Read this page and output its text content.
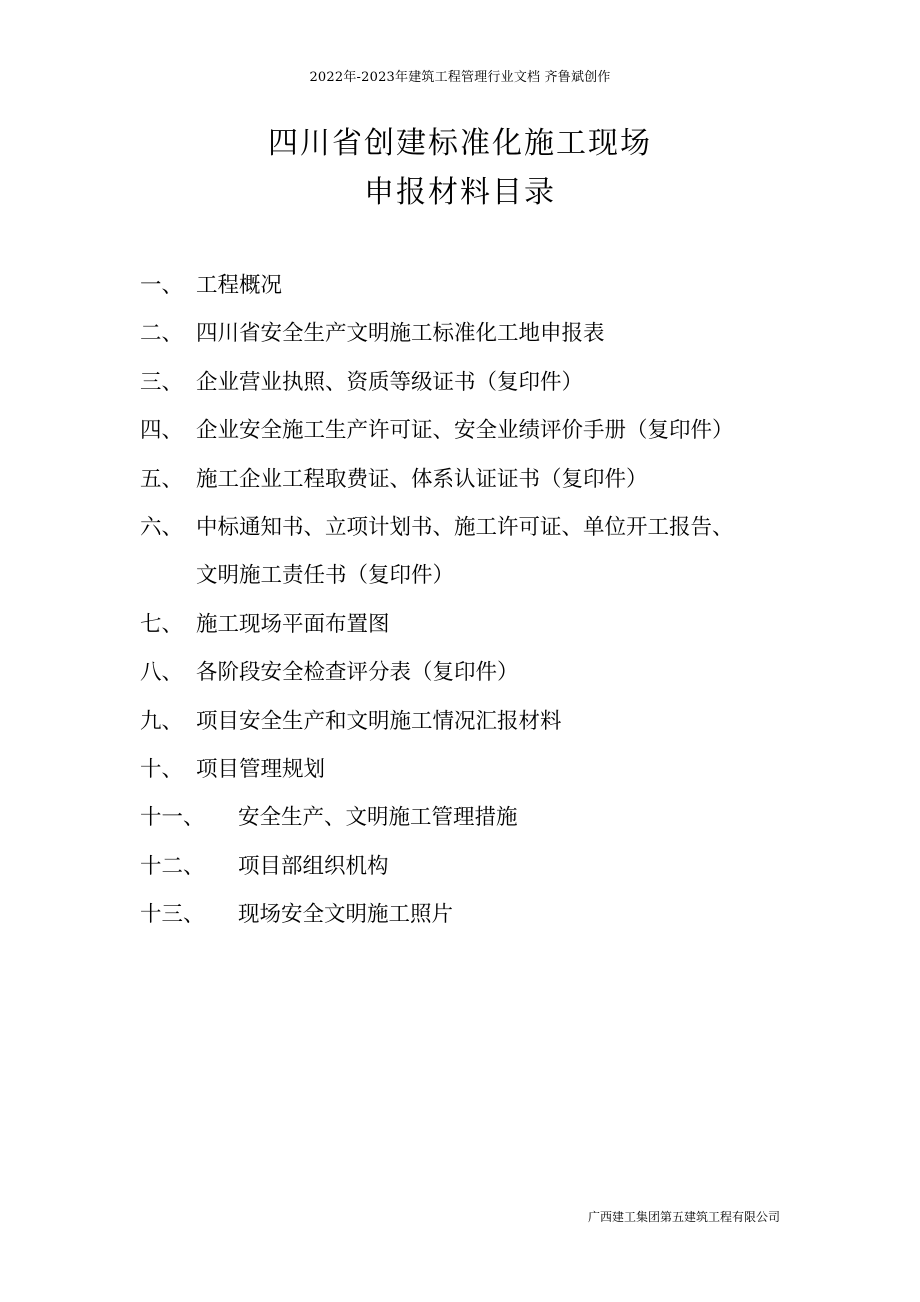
2022年-2023年建筑工程管理行业文档 齐鲁斌创作
四川省创建标准化施工现场
申报材料目录
一、 工程概况
二、 四川省安全生产文明施工标准化工地申报表
三、 企业营业执照、资质等级证书（复印件）
四、 企业安全施工生产许可证、安全业绩评价手册（复印件）
五、 施工企业工程取费证、体系认证证书（复印件）
六、 中标通知书、立项计划书、施工许可证、单位开工报告、
文明施工责任书（复印件）
七、 施工现场平面布置图
八、 各阶段安全检查评分表（复印件）
九、 项目安全生产和文明施工情况汇报材料
十、 项目管理规划
十一、 安全生产、文明施工管理措施
十二、 项目部组织机构
十三、 现场安全文明施工照片
广西建工集团第五建筑工程有限公司
